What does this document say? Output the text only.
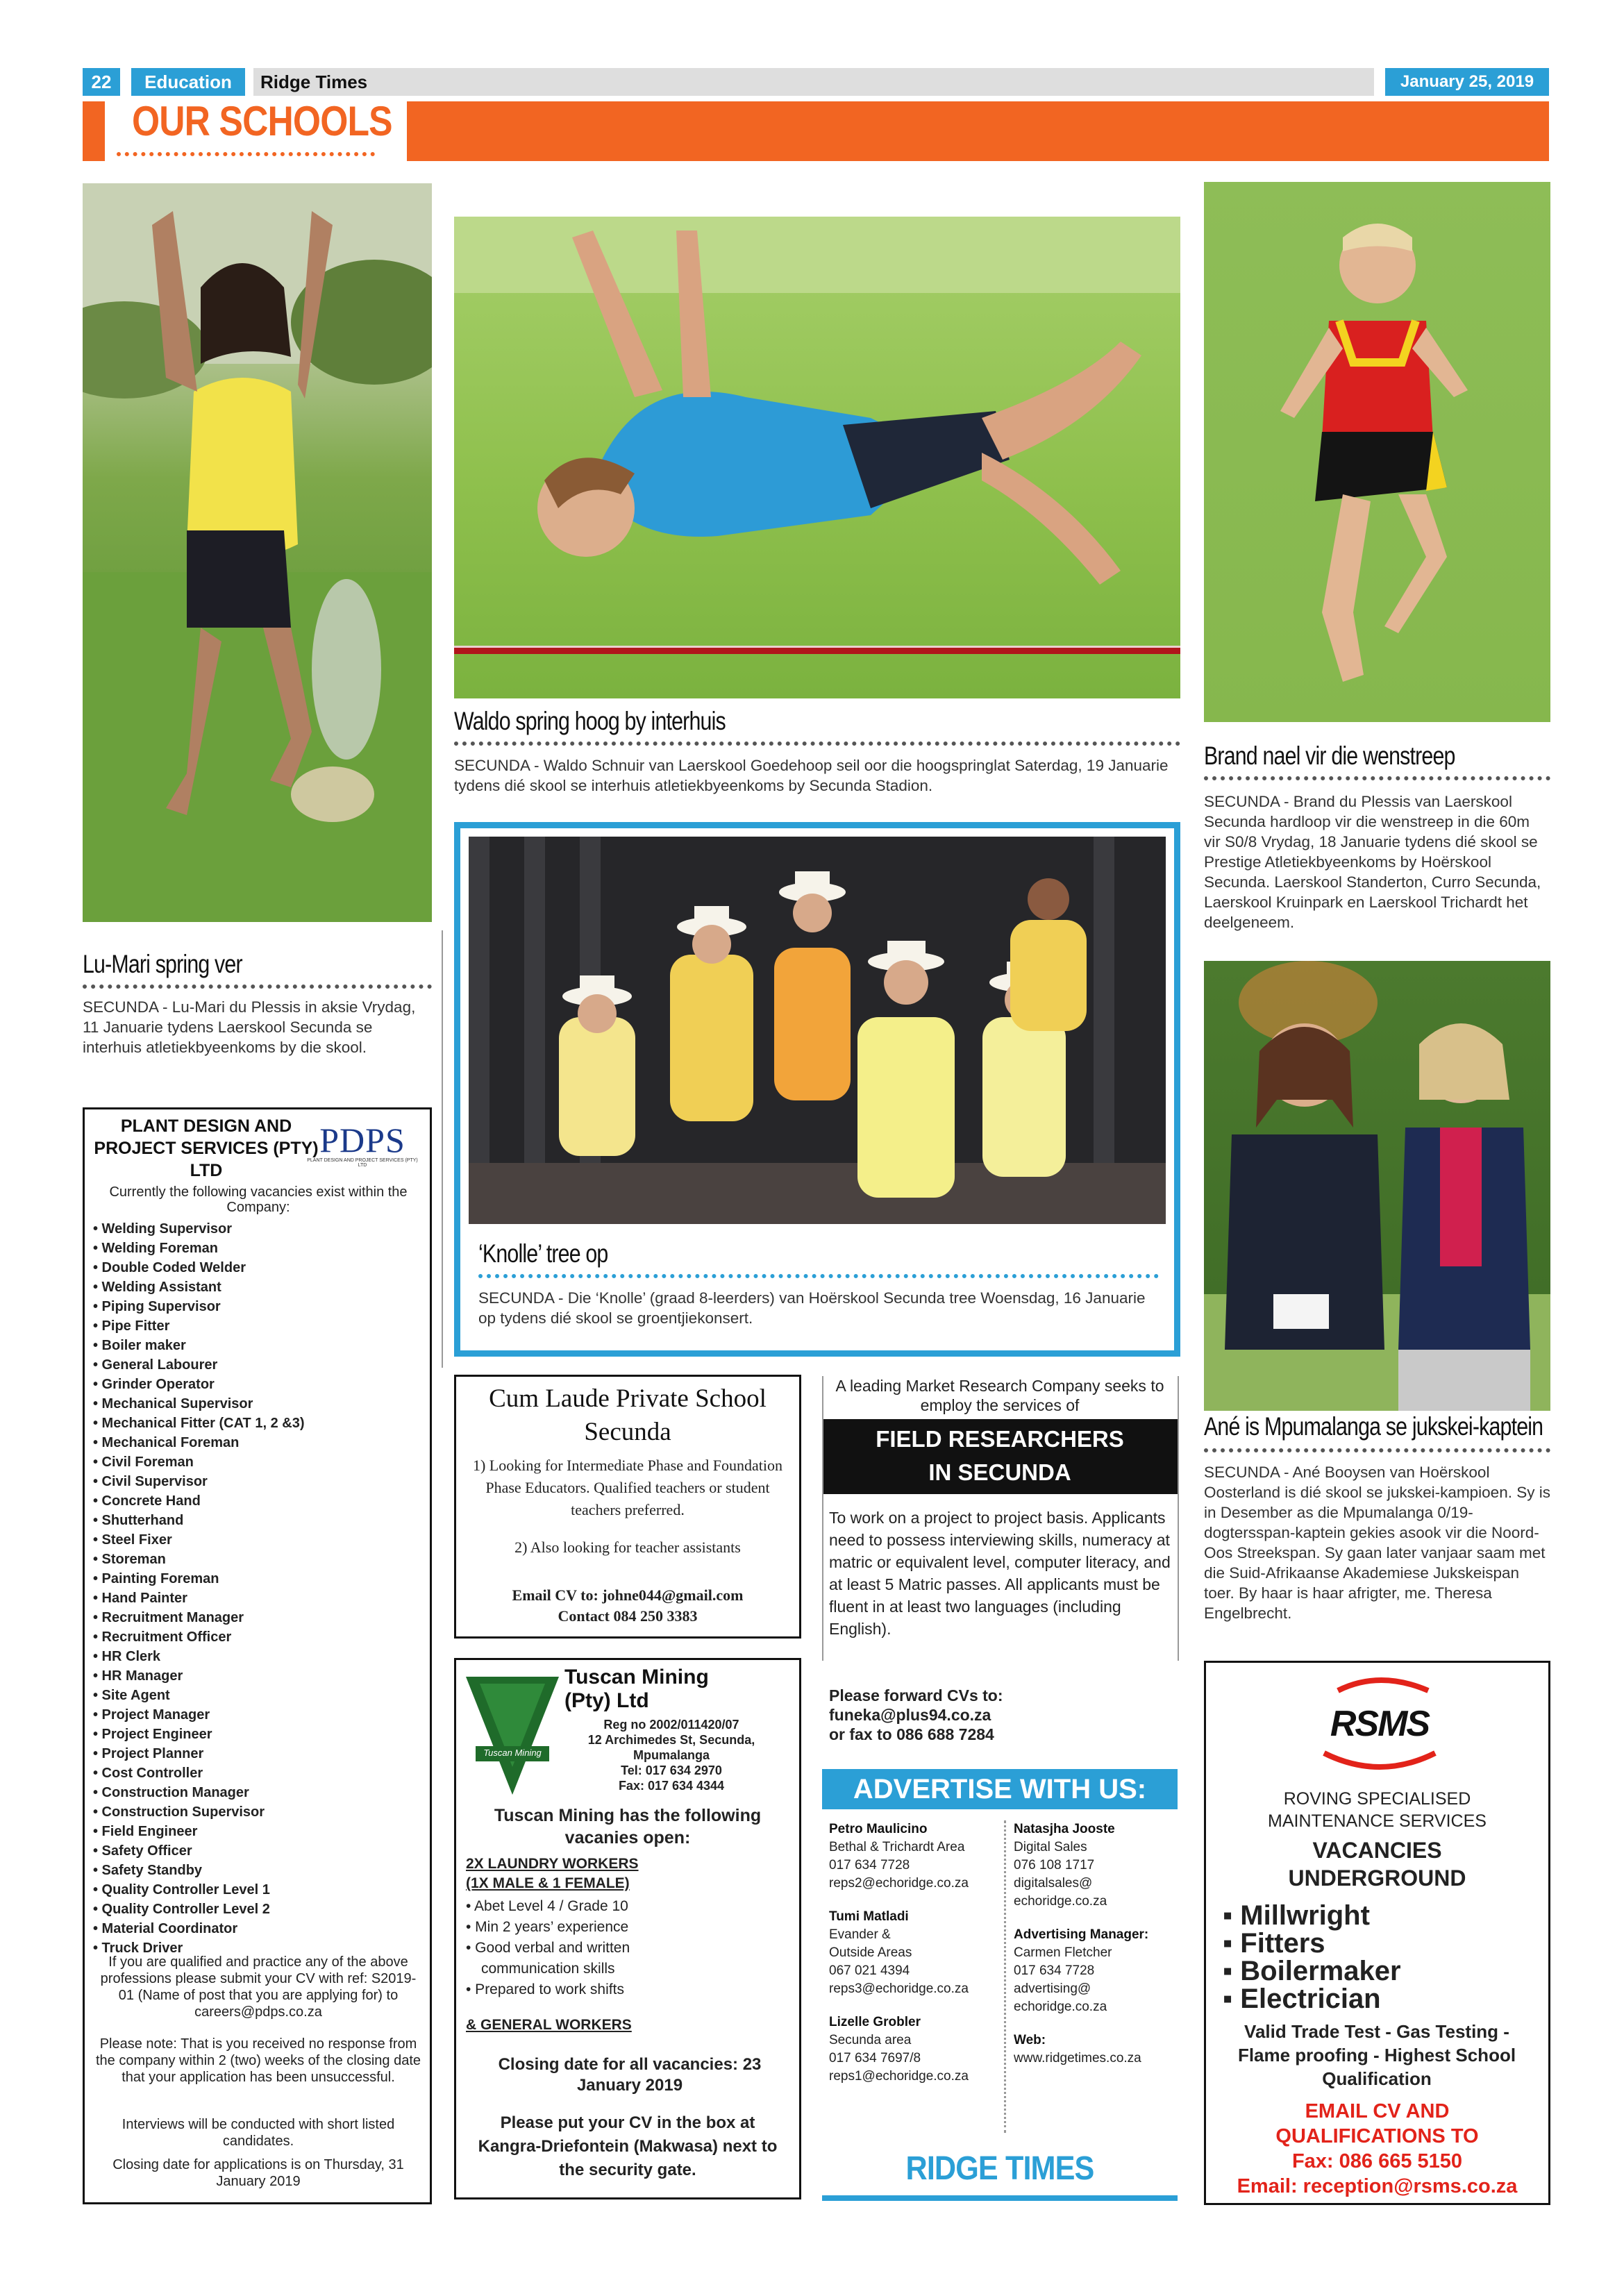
22	Education	Ridge Times	January 25, 2019
OUR SCHOOLS
Lu-Mari spring ver
SECUNDA - Lu-Mari du Plessis in aksie Vrydag, 11 Januarie tydens Laerskool Secunda se interhuis atletiekbyeenkoms by die skool.
Waldo spring hoog by interhuis
SECUNDA - Waldo Schnuir van Laerskool Goedehoop seil oor die hoogspringlat Saterdag, 19 Januarie tydens dié skool se interhuis atletiekbyeenkoms by Secunda Stadion.
Brand nael vir die wenstreep
SECUNDA - Brand du Plessis van Laerskool Secunda hardloop vir die wenstreep in die 60m vir S0/8 Vrydag, 18 Januarie tydens dié skool se Prestige Atletiekbyeenkoms by Hoërskool Secunda. Laerskool Standerton, Curro Secunda, Laerskool Kruinpark en Laerskool Trichardt het deelgeneem.
‘Knolle’ tree op
SECUNDA - Die ‘Knolle’ (graad 8-leerders) van Hoërskool Secunda tree Woensdag, 16 Januarie op tydens dié skool se groentjiekonsert.
Ané is Mpumalanga se jukskei-kaptein
SECUNDA - Ané Booysen van Hoërskool Oosterland is dié skool se jukskei-kampioen. Sy is in Desember as die Mpumalanga 0/19-dogtersspan-kaptein gekies asook vir die Noord-Oos Streekspan. Sy gaan later vanjaar saam met die Suid-Afrikaanse Akademiese Jukskeispan toer. By haar is haar afrigter, me. Theresa Engelbrecht.
PLANT DESIGN AND PROJECT SERVICES (PTY) LTD
PDPS
PLANT DESIGN AND PROJECT SERVICES (PTY) LTD
Currently the following vacancies exist within the Company:
• Welding Supervisor
• Welding Foreman
• Double Coded Welder
• Welding Assistant
• Piping Supervisor
• Pipe Fitter
• Boiler maker
• General Labourer
• Grinder Operator
• Mechanical Supervisor
• Mechanical Fitter (CAT 1, 2 &3)
• Mechanical Foreman
• Civil Foreman
• Civil Supervisor
• Concrete Hand
• Shutterhand
• Steel Fixer
• Storeman
• Painting Foreman
• Hand Painter
• Recruitment Manager
• Recruitment Officer
• HR Clerk
• HR Manager
• Site Agent
• Project Manager
• Project Engineer
• Project Planner
• Cost Controller
• Construction Manager
• Construction Supervisor
• Field Engineer
• Safety Officer
• Safety Standby
• Quality Controller Level 1
• Quality Controller Level 2
• Material Coordinator
• Truck Driver
If you are qualified and practice any of the above professions please submit your CV with ref: S2019-01 (Name of post that you are applying for) to careers@pdps.co.za
Please note: That is you received no response from the company within 2 (two) weeks of the closing date that your application has been unsuccessful.
Interviews will be conducted with short listed candidates.
Closing date for applications is on Thursday, 31 January 2019
Cum Laude Private School Secunda
1) Looking for Intermediate Phase and Foundation Phase Educators. Qualified teachers or student teachers preferred.
2) Also looking for teacher assistants
Email CV to: johne044@gmail.com
Contact 084 250 3383
Tuscan Mining
Tuscan Mining (Pty) Ltd
Reg no 2002/011420/07
12 Archimedes St, Secunda,
Mpumalanga
Tel: 017 634 2970
Fax: 017 634 4344
Tuscan Mining has the following vacanies open:
2X LAUNDRY WORKERS
(1X MALE & 1 FEMALE)
• Abet Level 4 / Grade 10
• Min 2 years’ experience
• Good verbal and written communication skills
• Prepared to work shifts
& GENERAL WORKERS
Closing date for all vacancies: 23 January 2019
Please put your CV in the box at Kangra-Driefontein (Makwasa) next to the security gate.
A leading Market Research Company seeks to employ the services of
FIELD RESEARCHERS
IN SECUNDA
To work on a project to project basis. Applicants need to possess interviewing skills, numeracy at matric or equivalent level, computer literacy, and at least 5 Matric passes. All applicants must be fluent in at least two languages (including English).
Please forward CVs to:
funeka@plus94.co.za
or fax to 086 688 7284
ADVERTISE WITH US:
Petro Maulicino
Bethal & Trichardt Area
017 634 7728
reps2@echoridge.co.za
Tumi Matladi
Evander &
Outside Areas
067 021 4394
reps3@echoridge.co.za
Lizelle Grobler
Secunda area
017 634 7697/8
reps1@echoridge.co.za
Natasjha Jooste
Digital Sales
076 108 1717
digitalsales@
echoridge.co.za
Advertising Manager:
Carmen Fletcher
017 634 7728
advertising@
echoridge.co.za
Web:
www.ridgetimes.co.za
RIDGE TIMES
RSMS
ROVING SPECIALISED
MAINTENANCE SERVICES
VACANCIES
UNDERGROUND
▪ Millwright
▪ Fitters
▪ Boilermaker
▪ Electrician
Valid Trade Test - Gas Testing - Flame proofing - Highest School Qualification
EMAIL CV AND
QUALIFICATIONS TO
Fax: 086 665 5150
Email: reception@rsms.co.za
